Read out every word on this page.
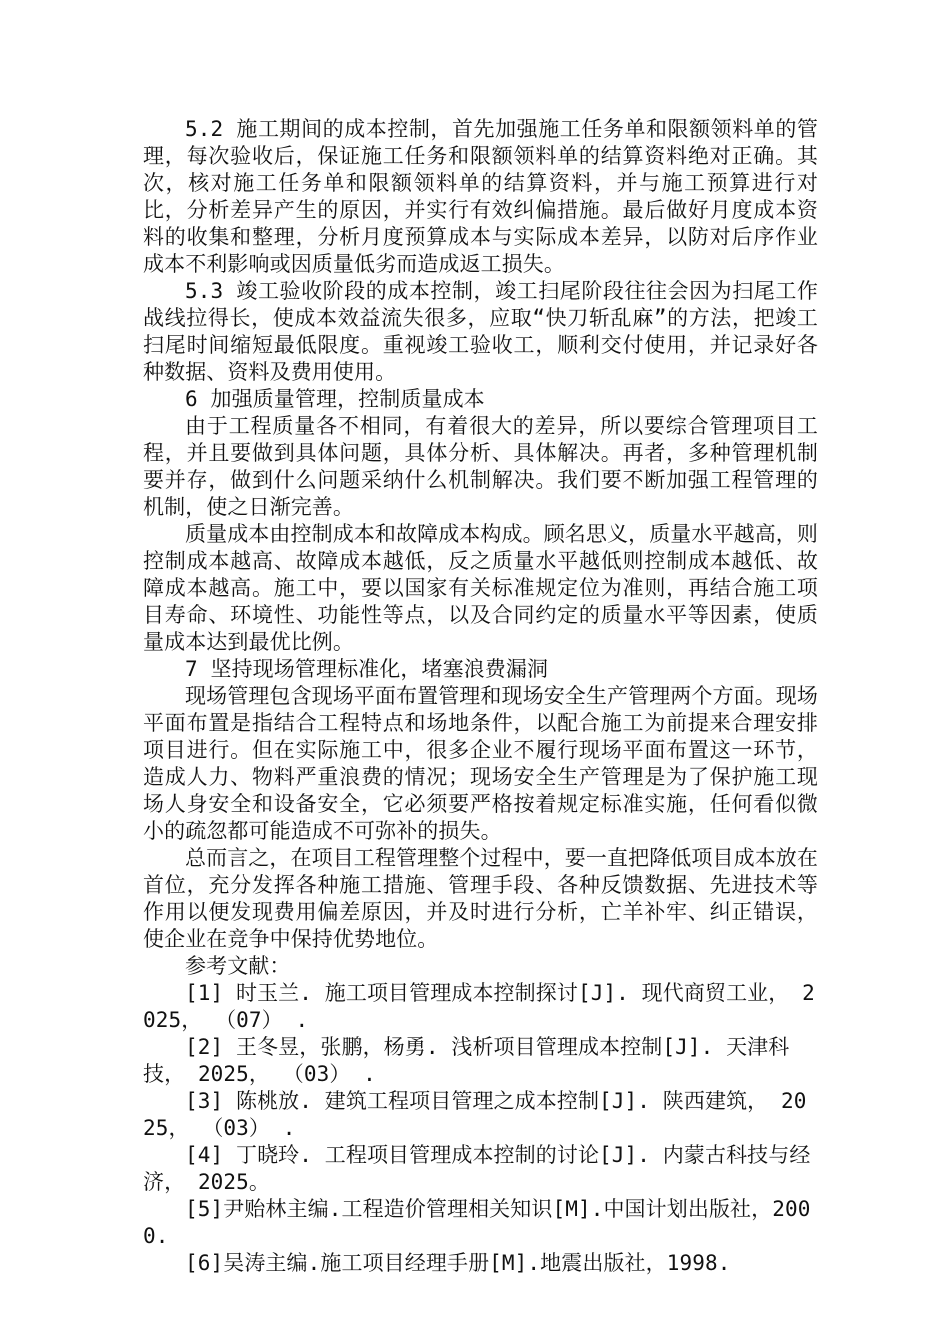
5.2 施工期间的成本控制，首先加强施工任务单和限额领料单的管理，每次验收后，保证施工任务和限额领料单的结算资料绝对正确。其次，核对施工任务单和限额领料单的结算资料，并与施工预算进行对比，分析差异产生的原因，并实行有效纠偏措施。最后做好月度成本资料的收集和整理，分析月度预算成本与实际成本差异，以防对后序作业成本不利影响或因质量低劣而造成返工损失。

5.3 竣工验收阶段的成本控制，竣工扫尾阶段往往会因为扫尾工作战线拉得长，使成本效益流失很多，应取“快刀斩乱麻”的方法，把竣工扫尾时间缩短最低限度。重视竣工验收工，顺利交付使用，并记录好各种数据、资料及费用使用。

6 加强质量管理，控制质量成本

由于工程质量各不相同，有着很大的差异，所以要综合管理项目工程，并且要做到具体问题，具体分析、具体解决。再者，多种管理机制要并存，做到什么问题采纳什么机制解决。我们要不断加强工程管理的机制，使之日渐完善。

质量成本由控制成本和故障成本构成。顾名思义，质量水平越高，则控制成本越高、故障成本越低，反之质量水平越低则控制成本越低、故障成本越高。施工中，要以国家有关标准规定位为准则，再结合施工项目寿命、环境性、功能性等点，以及合同约定的质量水平等因素，使质量成本达到最优比例。

7 坚持现场管理标准化，堵塞浪费漏洞

现场管理包含现场平面布置管理和现场安全生产管理两个方面。现场平面布置是指结合工程特点和场地条件，以配合施工为前提来合理安排项目进行。但在实际施工中，很多企业不履行现场平面布置这一环节，造成人力、物料严重浪费的情况；现场安全生产管理是为了保护施工现场人身安全和设备安全，它必须要严格按着规定标准实施，任何看似微小的疏忽都可能造成不可弥补的损失。

总而言之，在项目工程管理整个过程中，要一直把降低项目成本放在首位，充分发挥各种施工措施、管理手段、各种反馈数据、先进技术等作用以便发现费用偏差原因，并及时进行分析，亡羊补牢、纠正错误，使企业在竞争中保持优势地位。

参考文献：

[1] 时玉兰. 施工项目管理成本控制探讨[J]. 现代商贸工业， 2025， （07） .

[2] 王冬昱，张鹏，杨勇. 浅析项目管理成本控制[J]. 天津科技， 2025， （03） .

[3] 陈桃放. 建筑工程项目管理之成本控制[J]. 陕西建筑， 2025， （03） .

[4] 丁晓玲. 工程项目管理成本控制的讨论[J]. 内蒙古科技与经济， 2025。

[5]尹贻林主编.工程造价管理相关知识[M].中国计划出版社，2000.

[6]吴涛主编.施工项目经理手册[M].地震出版社，1998.
